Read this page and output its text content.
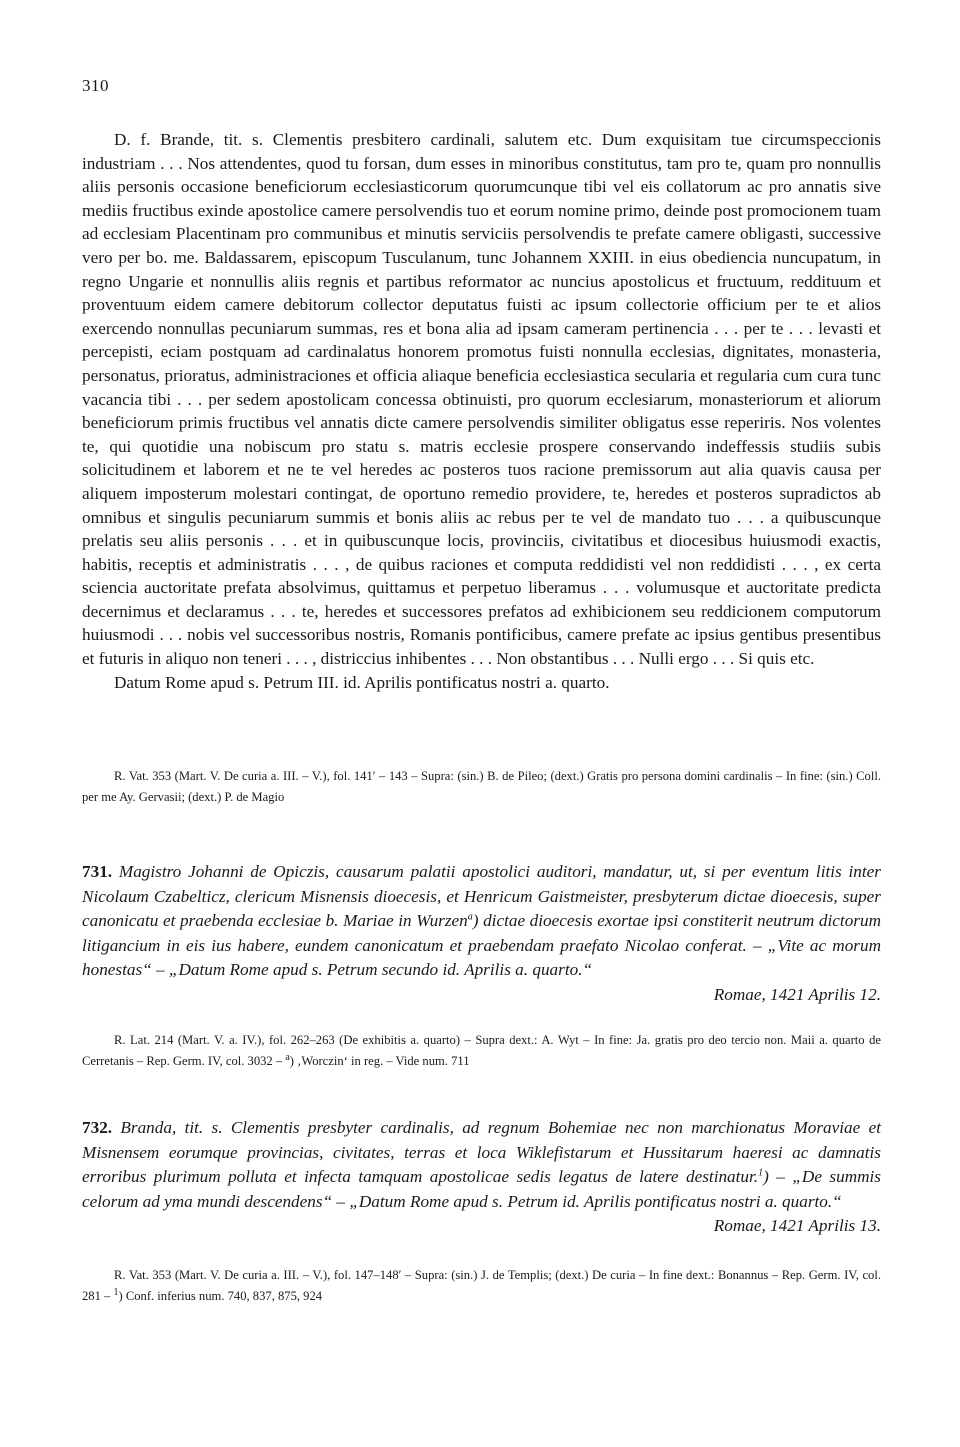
310

D. f. Brande, tit. s. Clementis presbitero cardinali, salutem etc. Dum exquisitam tue circumspeccionis industriam . . . Nos attendentes, quod tu forsan, dum esses in minoribus constitutus, tam pro te, quam pro nonnullis aliis personis occasione beneficiorum ecclesiasticorum quorumcunque tibi vel eis collatorum ac pro annatis sive mediis fructibus exinde apostolice camere persolvendis tuo et eorum nomine primo, deinde post promocionem tuam ad ecclesiam Placentinam pro communibus et minutis serviciis persolvendis te prefate camere obligasti, successive vero per bo. me. Baldassarem, episcopum Tusculanum, tunc Johannem XXIII. in eius obediencia nuncupatum, in regno Ungarie et nonnullis aliis regnis et partibus reformator ac nuncius apostolicus et fructuum, reddituum et proventuum eidem camere debitorum collector deputatus fuisti ac ipsum collectorie officium per te et alios exercendo nonnullas pecuniarum summas, res et bona alia ad ipsam cameram pertinencia . . . per te . . . levasti et percepisti, eciam postquam ad cardinalatus honorem promotus fuisti nonnulla ecclesias, dignitates, monasteria, personatus, prioratus, administraciones et officia aliaque beneficia ecclesiastica secularia et regularia cum cura tunc vacancia tibi . . . per sedem apostolicam concessa obtinuisti, pro quorum ecclesiarum, monasteriorum et aliorum beneficiorum primis fructibus vel annatis dicte camere persolvendis similiter obligatus esse reperiris. Nos volentes te, qui quotidie una nobiscum pro statu s. matris ecclesie prospere conservando indeffessis studiis subis solicitudinem et laborem et ne te vel heredes ac posteros tuos racione premissorum aut alia quavis causa per aliquem imposterum molestari contingat, de oportuno remedio providere, te, heredes et posteros supradictos ab omnibus et singulis pecuniarum summis et bonis aliis ac rebus per te vel de mandato tuo . . . a quibuscunque prelatis seu aliis personis . . . et in quibuscunque locis, provinciis, civitatibus et diocesibus huiusmodi exactis, habitis, receptis et administratis . . . , de quibus raciones et computa reddidisti vel non reddidisti . . . , ex certa sciencia auctoritate prefata absolvimus, quittamus et perpetuo liberamus . . . volumusque et auctoritate predicta decernimus et declaramus . . . te, heredes et successores prefatos ad exhibicionem seu reddicionem computorum huiusmodi . . . nobis vel successoribus nostris, Romanis pontificibus, camere prefate ac ipsius gentibus presentibus et futuris in aliquo non teneri . . . , districcius inhibentes . . . Non obstantibus . . . Nulli ergo . . . Si quis etc.

Datum Rome apud s. Petrum III. id. Aprilis pontificatus nostri a. quarto.

R. Vat. 353 (Mart. V. De curia a. III. – V.), fol. 141′ – 143 – Supra: (sin.) B. de Pileo; (dext.) Gratis pro persona domini cardinalis – In fine: (sin.) Coll. per me Ay. Gervasii; (dext.) P. de Magio

731. Magistro Johanni de Opiczis, causarum palatii apostolici auditori, mandatur, ut, si per eventum litis inter Nicolaum Czabelticz, clericum Misnensis dioecesis, et Henricum Gaistmeister, presbyterum dictae dioecesis, super canonicatu et praebenda ecclesiae b. Mariae in Wurzen$^a$) dictae dioecesis exortae ipsi constiterit neutrum dictorum litigancium in eis ius habere, eundem canonicatum et praebendam praefato Nicolao conferat. – „Vite ac morum honestas“ – „Datum Rome apud s. Petrum secundo id. Aprilis a. quarto.“

Romae, 1421 Aprilis 12.

R. Lat. 214 (Mart. V. a. IV.), fol. 262–263 (De exhibitis a. quarto) – Supra dext.: A. Wyt – In fine: Ja. gratis pro deo tercio non. Maii a. quarto de Cerretanis – Rep. Germ. IV, col. 3032 – $^a$) ‚Worczin‘ in reg. – Vide num. 711

732. Branda, tit. s. Clementis presbyter cardinalis, ad regnum Bohemiae nec non marchionatus Moraviae et Misnensem eorumque provincias, civitates, terras et loca Wiklefistarum et Hussitarum haeresi ac damnatis erroribus plurimum polluta et infecta tamquam apostolicae sedis legatus de latere destinatur.$^1$) – „De summis celorum ad yma mundi descendens“ – „Datum Rome apud s. Petrum id. Aprilis pontificatus nostri a. quarto.“

Romae, 1421 Aprilis 13.

R. Vat. 353 (Mart. V. De curia a. III. – V.), fol. 147–148′ – Supra: (sin.) J. de Templis; (dext.) De curia – In fine dext.: Bonannus – Rep. Germ. IV, col. 281 – $^1$) Conf. inferius num. 740, 837, 875, 924
